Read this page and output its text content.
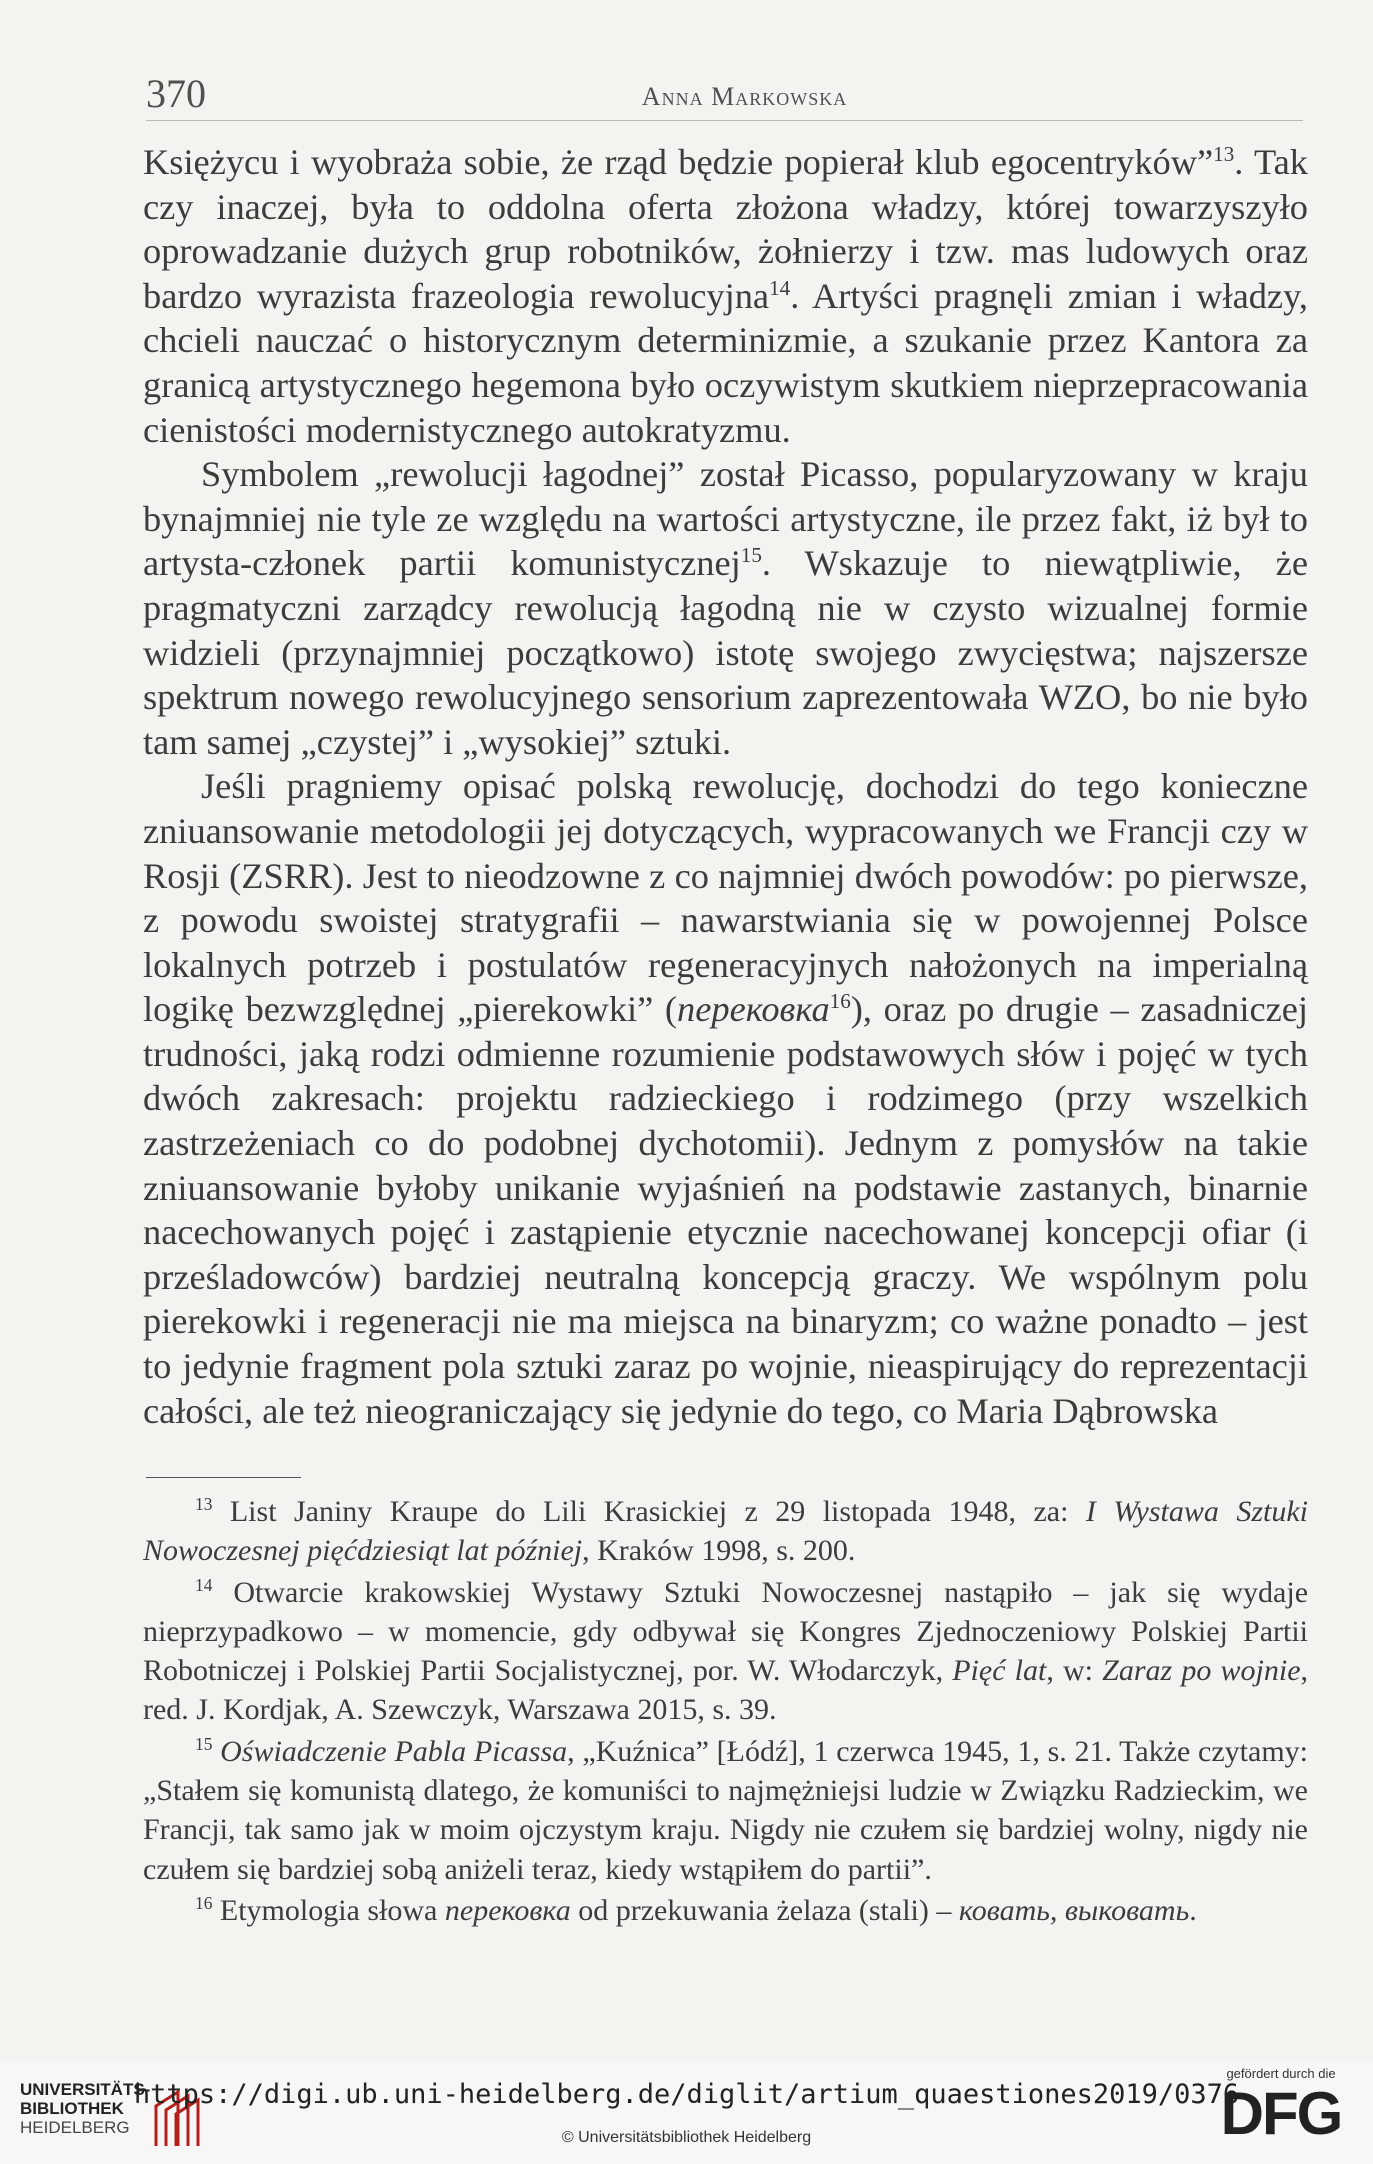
370	Anna Markowska

Księżycu i wyobraża sobie, że rząd będzie popierał klub egocentryków”$^{13}$. Tak czy inaczej, była to oddolna oferta złożona władzy, której towarzyszyło oprowadzanie dużych grup robotników, żołnierzy i tzw. mas ludowych oraz bardzo wyrazista frazeologia rewolucyjna$^{14}$. Artyści pragnęli zmian i władzy, chcieli nauczać o historycznym determinizmie, a szukanie przez Kantora za granicą artystycznego hegemona było oczywistym skutkiem nieprzepracowania cienistości modernistycznego autokratyzmu.

Symbolem „rewolucji łagodnej” został Picasso, popularyzowany w kraju bynajmniej nie tyle ze względu na wartości artystyczne, ile przez fakt, iż był to artysta-członek partii komunistycznej$^{15}$. Wskazuje to niewątpliwie, że pragmatyczni zarządcy rewolucją łagodną nie w czysto wizualnej formie widzieli (przynajmniej początkowo) istotę swojego zwycięstwa; najszersze spektrum nowego rewolucyjnego sensorium zaprezentowała WZO, bo nie było tam samej „czystej” i „wysokiej” sztuki.

Jeśli pragniemy opisać polską rewolucję, dochodzi do tego konieczne zniuansowanie metodologii jej dotyczących, wypracowanych we Francji czy w Rosji (ZSRR). Jest to nieodzowne z co najmniej dwóch powodów: po pierwsze, z powodu swoistej stratygrafii – nawarstwiania się w powojennej Polsce lokalnych potrzeb i postulatów regeneracyjnych nałożonych na imperialną logikę bezwzględnej „pierekowki” (перековка$^{16}$), oraz po drugie – zasadniczej trudności, jaką rodzi odmienne rozumienie podstawowych słów i pojęć w tych dwóch zakresach: projektu radzieckiego i rodzimego (przy wszelkich zastrzeżeniach co do podobnej dychotomii). Jednym z pomysłów na takie zniuansowanie byłoby unikanie wyjaśnień na podstawie zastanych, binarnie nacechowanych pojęć i zastąpienie etycznie nacechowanej koncepcji ofiar (i prześladowców) bardziej neutralną koncepcją graczy. We wspólnym polu pierekowki i regeneracji nie ma miejsca na binaryzm; co ważne ponadto – jest to jedynie fragment pola sztuki zaraz po wojnie, nieaspirujący do reprezentacji całości, ale też nieograniczający się jedynie do tego, co Maria Dąbrowska

$^{13}$ List Janiny Kraupe do Lili Krasickiej z 29 listopada 1948, za: I Wystawa Sztuki Nowoczesnej pięćdziesiąt lat później, Kraków 1998, s. 200.

$^{14}$ Otwarcie krakowskiej Wystawy Sztuki Nowoczesnej nastąpiło – jak się wydaje nieprzypadkowo – w momencie, gdy odbywał się Kongres Zjednoczeniowy Polskiej Partii Robotniczej i Polskiej Partii Socjalistycznej, por. W. Włodarczyk, Pięć lat, w: Zaraz po wojnie, red. J. Kordjak, A. Szewczyk, Warszawa 2015, s. 39.

$^{15}$ Oświadczenie Pabla Picassa, „Kuźnica” [Łódź], 1 czerwca 1945, 1, s. 21. Także czytamy: „Stałem się komunistą dlatego, że komuniści to najmężniejsi ludzie w Związku Radzieckim, we Francji, tak samo jak w moim ojczystym kraju. Nigdy nie czułem się bardziej wolny, nigdy nie czułem się bardziej sobą aniżeli teraz, kiedy wstąpiłem do partii”.

$^{16}$ Etymologia słowa перековка od przekuwania żelaza (stali) – ковать, выковать.

UNIVERSITÄTS-
BIBLIOTHEK
HEIDELBERG
https://digi.ub.uni-heidelberg.de/diglit/artium_quaestiones2019/0376
© Universitätsbibliothek Heidelberg
gefördert durch die
DFG
